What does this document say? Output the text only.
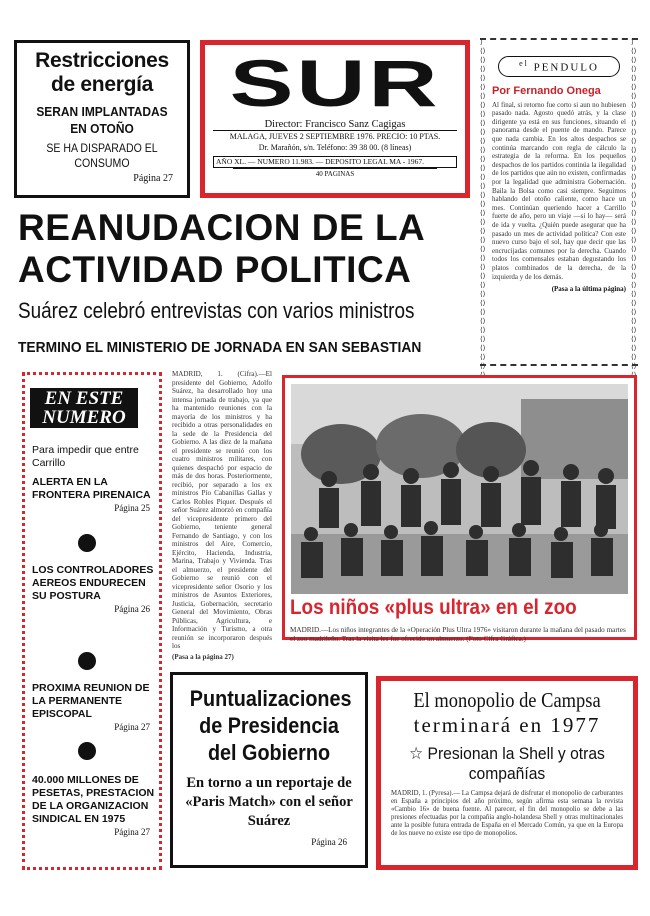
Restricciones
de energía
SERAN IMPLANTADAS
EN OTOÑO
SE HA DISPARADO EL CONSUMO
Página 27
SUR
Director: Francisco Sanz Cagigas
MALAGA, JUEVES 2 SEPTIEMBRE 1976. PRECIO: 10 PTAS.
Dr. Marañón, s/n. Teléfono: 39 38 00. (8 líneas)
AÑO XL. — NUMERO 11.983. — DEPOSITO LEGAL MA - 1967.
40 PAGINAS
⟩⟨⟩⟨⟩⟨⟩⟨⟩⟨⟩⟨⟩⟨⟩⟨⟩⟨⟩⟨⟩⟨⟩⟨⟩⟨⟩⟨⟩⟨⟩⟨⟩⟨⟩⟨⟩⟨⟩⟨⟩⟨⟩⟨⟩⟨⟩⟨⟩⟨⟩⟨⟩⟨⟩⟨⟩⟨⟩⟨⟩⟨⟩⟨⟩⟨⟩⟨⟩⟨⟩⟨⟩⟨⟩
⟩⟨⟩⟨⟩⟨⟩⟨⟩⟨⟩⟨⟩⟨⟩⟨⟩⟨⟩⟨⟩⟨⟩⟨⟩⟨⟩⟨⟩⟨⟩⟨⟩⟨⟩⟨⟩⟨⟩⟨⟩⟨⟩⟨⟩⟨⟩⟨⟩⟨⟩⟨⟩⟨⟩⟨⟩⟨⟩⟨⟩⟨⟩⟨⟩⟨⟩⟨⟩⟨⟩⟨⟩⟨⟩
$^{el}$ PENDULO
Por Fernando Onega
Al final, si retorno fue corto si aun no hubiesen pasado nada. Agosto quedó atrás, y la clase dirigente ya está en sus funciones, situando el panorama desde el puente de mando. Parece que nada cambia. En los altos despachos se continúa marcando con regla de cálculo la estrategia de la reforma. En los pequeños despachos de los partidos continúa la ilegalidad de los partidos que aún no existen, confirmadas por la legalidad que administra Gobernación. Baila la Bolsa como casi siempre. Seguimos hablando del otoño caliente, como hace un mes. Continúan queriendo hacer a Carrillo fuerte de año, pero un viaje —si lo hay— será de ida y vuelta. ¿Quién puede asegurar que ha pasado un mes de actividad política? Con este nuevo curso bajo el sol, hay que decir que las encrucijadas comunes por la derecha. Cuando todos los comensales estaban degustando los platos combinados de la derecha, de la izquierda y de los demás.
(Pasa a la última página)
REANUDACION DE LA ACTIVIDAD POLITICA
Suárez celebró entrevistas con varios ministros
TERMINO EL MINISTERIO DE JORNADA EN SAN SEBASTIAN
EN ESTE NUMERO
Para impedir que entre Carrillo
ALERTA EN LA FRONTERA PIRENAICA
Página 25
LOS CONTROLADORES AEREOS ENDURECEN SU POSTURA
Página 26
PROXIMA REUNION DE LA PERMANENTE EPISCOPAL
Página 27
40.000 MILLONES DE PESETAS, PRESTACION DE LA ORGANIZACION SINDICAL EN 1975
Página 27
MADRID, 1. (Cifra).—El presidente del Gobierno, Adolfo Suárez, ha desarrollado hoy una intensa jornada de trabajo, ya que ha mantenido reuniones con la mayoría de los ministros y ha recibido a otras personalidades en la sede de la Presidencia del Gobierno. A las diez de la mañana el presidente se reunió con los cuatro ministros militares, con quienes despachó por espacio de más de dos horas. Posteriormente, recibió, por separado a los ex ministros Pío Cabanillas Gallas y Carlos Robles Piquer. Después el señor Suárez almorzó en compañía del vicepresidente primero del Gobierno, teniente general Fernando de Santiago, y con los ministros del Aire, Comercio, Ejército, Hacienda, Industria, Marina, Trabajo y Vivienda. Tras el almuerzo, el presidente del Gobierno se reunió con el vicepresidente señor Osorio y los ministros de Asuntos Exteriores, Justicia, Gobernación, secretario General del Movimiento, Obras Públicas, Agricultura, e Información y Turismo, a otra reunión se incorporaron después los
(Pasa a la página 27)
Los niños «plus ultra» en el zoo
MADRID.—Los niños integrantes de la «Operación Plus Ultra 1976» visitaron durante la mañana del pasado martes el zoo madrileño. Tras la visita les fue ofrecido un almuerzo. (Foto Cifra Gráfica.)
Puntualizaciones de Presidencia del Gobierno
En torno a un reportaje de «Paris Match» con el señor Suárez
Página 26
El monopolio de Campsa
terminará en 1977
☆ Presionan la Shell y otras compañías
MADRID, 1. (Pyresa).— La Campsa dejará de disfrutar el monopolio de carburantes en España a principios del año próximo, según afirma esta semana la revista «Cambio 16» de buena fuente. Al parecer, el fin del monopolio se debe a las presiones efectuadas por la compañía anglo-holandesa Shell y otras multinacionales ante la posible futura entrada de España en el Mercado Común, ya que en la Europa de los nueve no existe ese tipo de monopolios.
